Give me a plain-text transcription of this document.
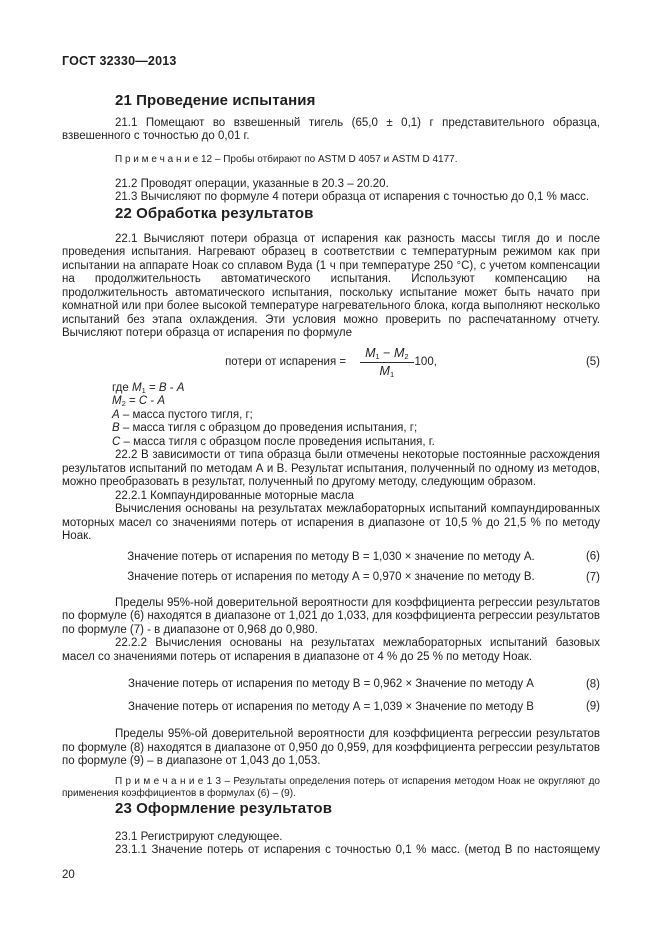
ГОСТ 32330—2013
21 Проведение испытания

21.1 Помещают во взвешенный тигель (65,0 ± 0,1) г представительного образца, взвешенного с точностью до 0,01 г.

П р и м е ч а н и е 12 – Пробы отбирают по ASTM D 4057 и ASTM D 4177.

21.2 Проводят операции, указанные в 20.3 – 20.20.

21.3 Вычисляют по формуле 4 потери образца от испарения с точностью до 0,1 % масс.

22 Обработка результатов

22.1 Вычисляют потери образца от испарения как разность массы тигля до и после проведения испытания. Нагревают образец в соответствии с температурным режимом как при испытании на аппарате Ноак со сплавом Вуда (1 ч при температуре 250 °С), с учетом компенсации на продолжительность автоматического испытания. Используют компенсацию на продолжительность автоматического испытания, поскольку испытание может быть начато при комнатной или при более высокой температуре нагревательного блока, когда выполняют несколько испытаний без этапа охлаждения. Эти условия можно проверить по распечатанному отчету. Вычисляют потери образца от испарения по формуле

потери от испарения = $\frac{M_1 - M_2}{M_1} 100$,	(5)
где $M_1 = B - A$
$M_2 = C - A$
A – масса пустого тигля, г;
B – масса тигля с образцом до проведения испытания, г;
C – масса тигля с образцом после проведения испытания, г.

22.2 В зависимости от типа образца были отмечены некоторые постоянные расхождения результатов испытаний по методам А и В. Результат испытания, полученный по одному из методов, можно преобразовать в результат, полученный по другому методу, следующим образом.

22.2.1 Компаундированные моторные масла

Вычисления основаны на результатах межлабораторных испытаний компаундированных моторных масел со значениями потерь от испарения в диапазоне от 10,5 % до 21,5 % по методу Ноак.

Значение потерь от испарения по методу В = 1,030 × значение по методу А.	(6)
Значение потерь от испарения по методу А = 0,970 × значение по методу В.	(7)

Пределы 95%-ной доверительной вероятности для коэффициента регрессии результатов по формуле (6) находятся в диапазоне от 1,021 до 1,033, для коэффициента регрессии результатов по формуле (7) - в диапазоне от 0,968 до 0,980.

22.2.2 Вычисления основаны на результатах межлабораторных испытаний базовых масел со значениями потерь от испарения в диапазоне от 4 % до 25 % по методу Ноак.

Значение потерь от испарения по методу В = 0,962 × Значение по методу А	(8)
Значение потерь от испарения по методу А = 1,039 × Значение по методу В	(9)

Пределы 95%-ой доверительной вероятности для коэффициента регрессии результатов по формуле (8) находятся в диапазоне от 0,950 до 0,959, для коэффициента регрессии результатов по формуле (9) – в диапазоне от 1,043 до 1,053.

П р и м е ч а н и е 1 3 – Результаты определения потерь от испарения методом Ноак не округляют до применения коэффициентов в формулах (6) – (9).

23 Оформление результатов

23.1 Регистрируют следующее.

23.1.1 Значение потерь от испарения с точностью 0,1 % масс. (метод В по настоящему

20
